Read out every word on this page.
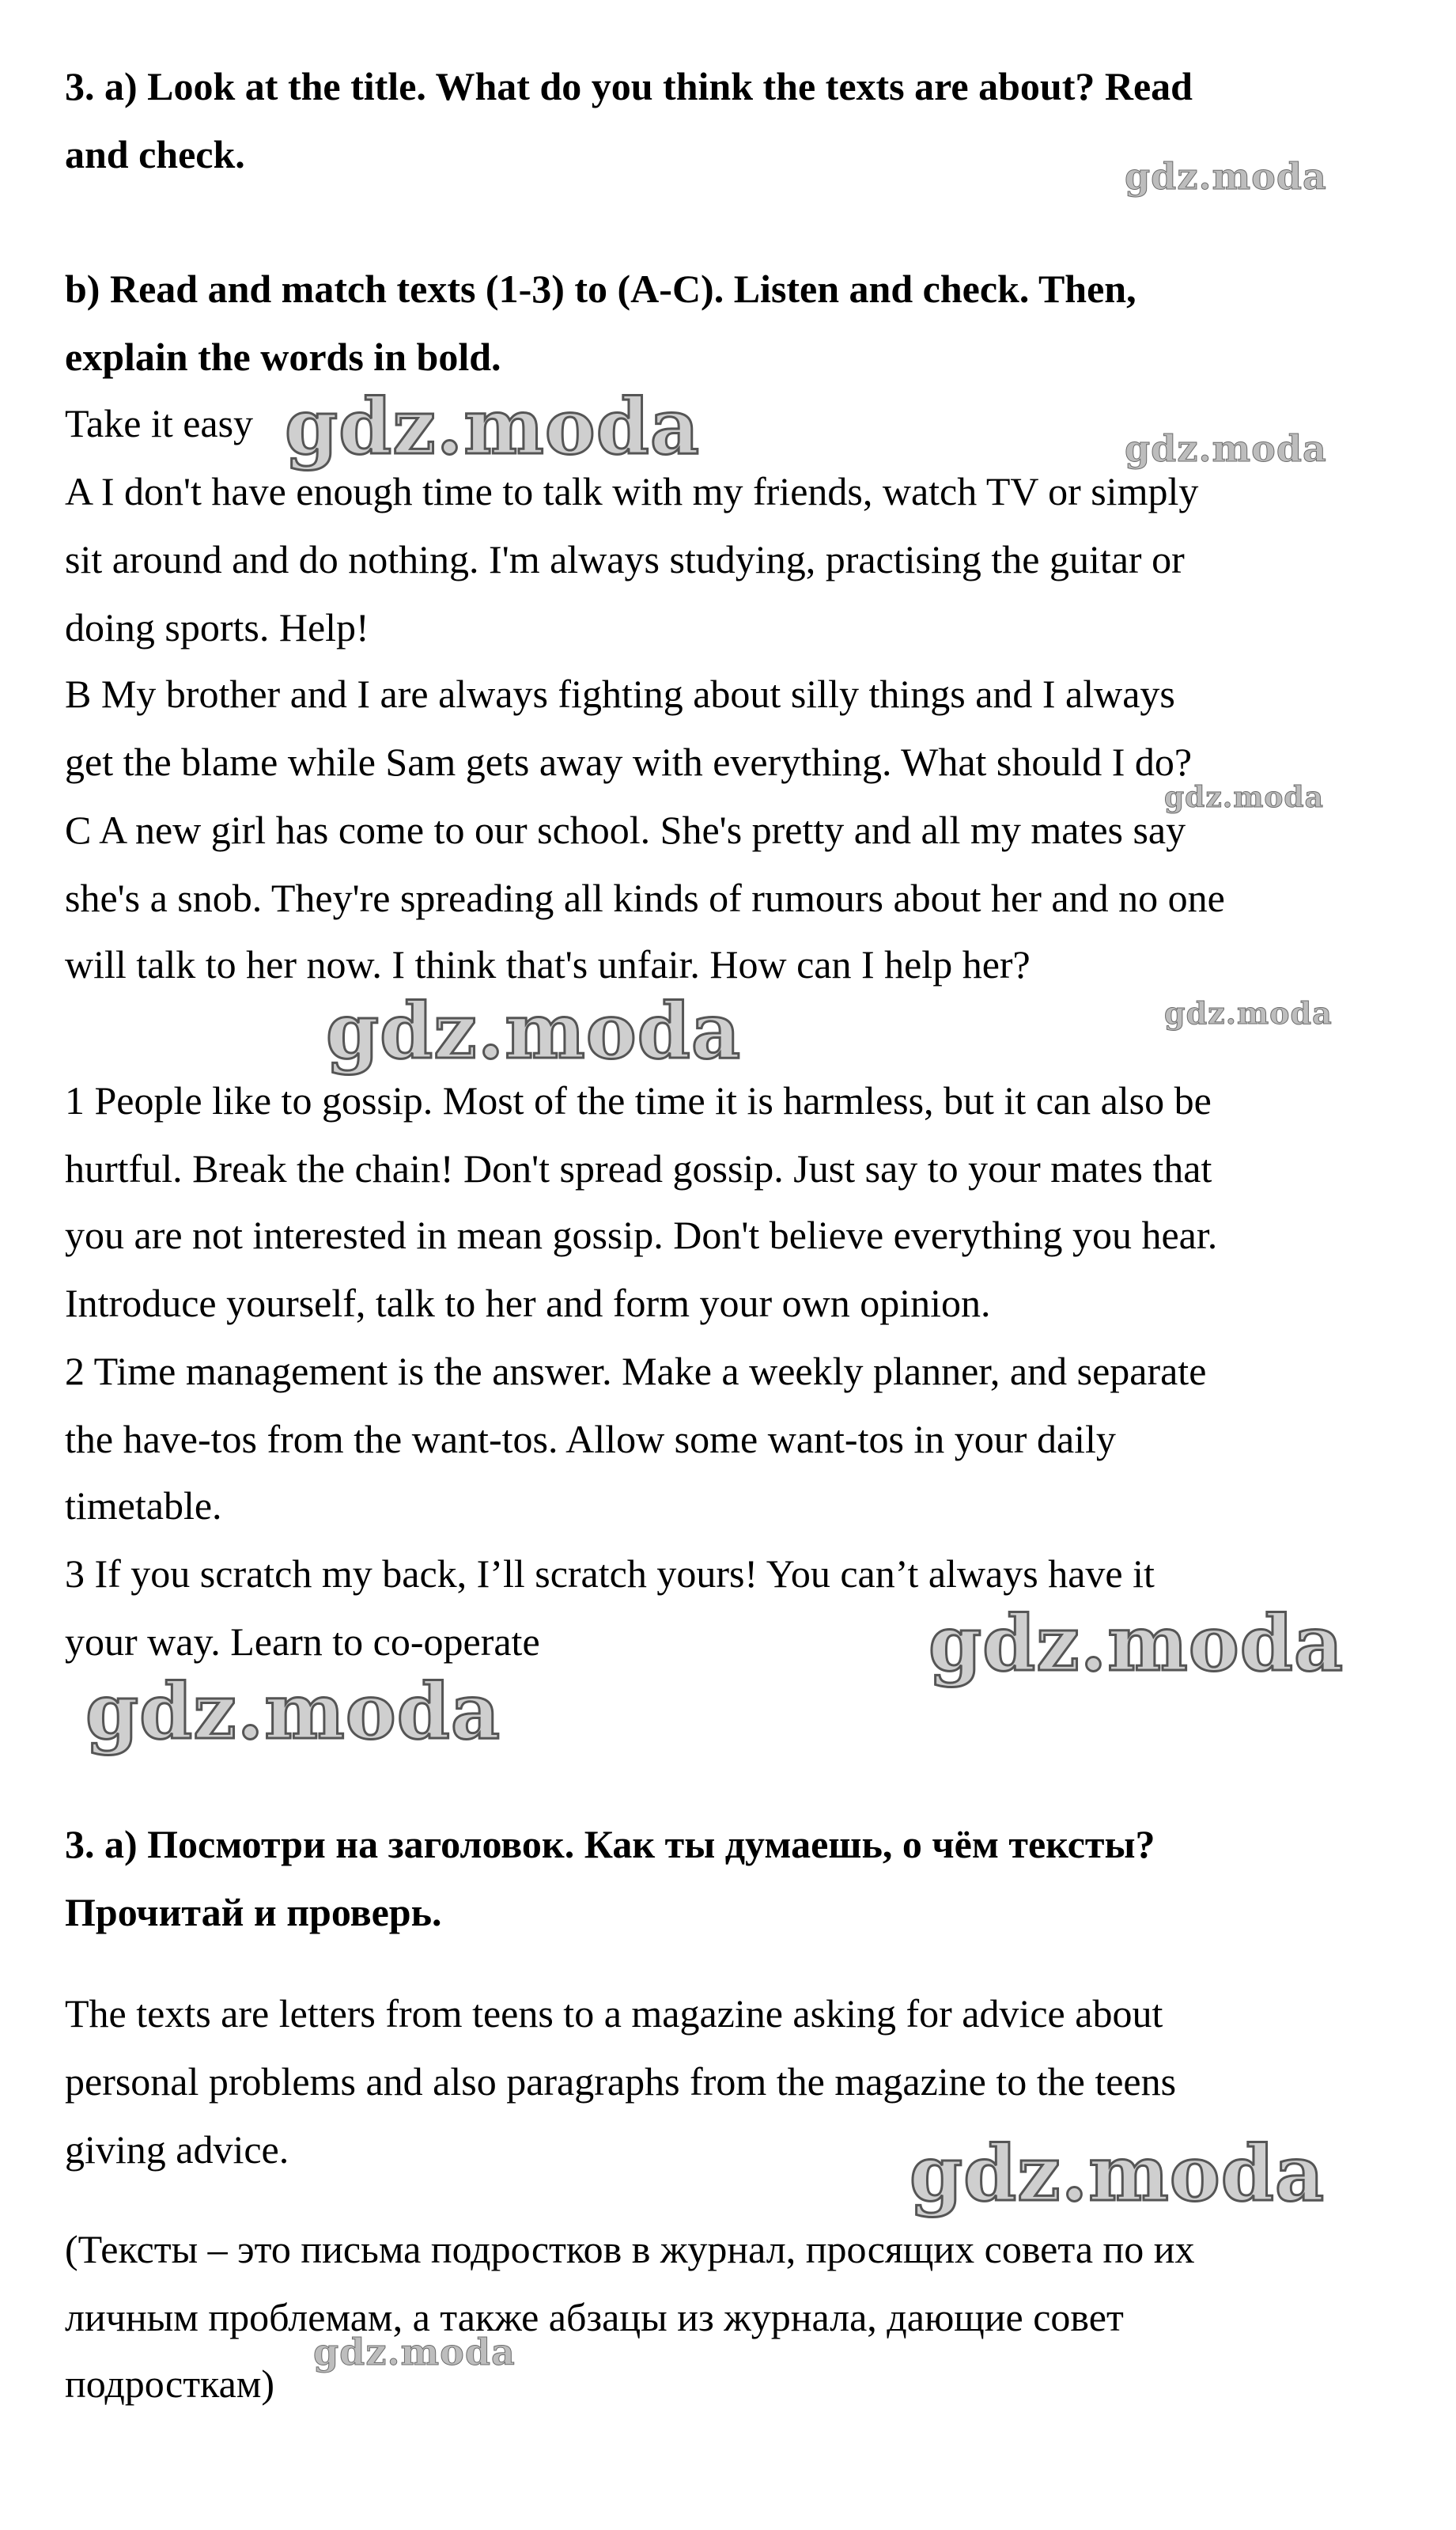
3. a) Look at the title. What do you think the texts are about? Read
and check.
b) Read and match texts (1-3) to (A-C). Listen and check. Then,
explain the words in bold.
Take it easy
A I don't have enough time to talk with my friends, watch TV or simply
sit around and do nothing. I'm always studying, practising the guitar or
doing sports. Help!
B My brother and I are always fighting about silly things and I always
get the blame while Sam gets away with everything. What should I do?
C A new girl has come to our school. She's pretty and all my mates say
she's a snob. They're spreading all kinds of rumours about her and no one
will talk to her now. I think that's unfair. How can I help her?
1 People like to gossip. Most of the time it is harmless, but it can also be
hurtful. Break the chain! Don't spread gossip. Just say to your mates that
you are not interested in mean gossip. Don't believe everything you hear.
Introduce yourself, talk to her and form your own opinion.
2 Time management is the answer. Make a weekly planner, and separate
the have-tos from the want-tos. Allow some want-tos in your daily
timetable.
3 If you scratch my back, I’ll scratch yours! You can’t always have it
your way. Learn to co-operate
3. а) Посмотри на заголовок. Как ты думаешь, о чём тексты?
Прочитай и проверь.
The texts are letters from teens to a magazine asking for advice about
personal problems and also paragraphs from the magazine to the teens
giving advice.
(Тексты – это письма подростков в журнал, просящих совета по их
личным проблемам, а также абзацы из журнала, дающие совет
подросткам)
gdz.moda
gdz.moda	gdz.moda
gdz.moda
gdz.moda	gdz.moda
gdz.moda
gdz.moda
gdz.moda
gdz.moda
